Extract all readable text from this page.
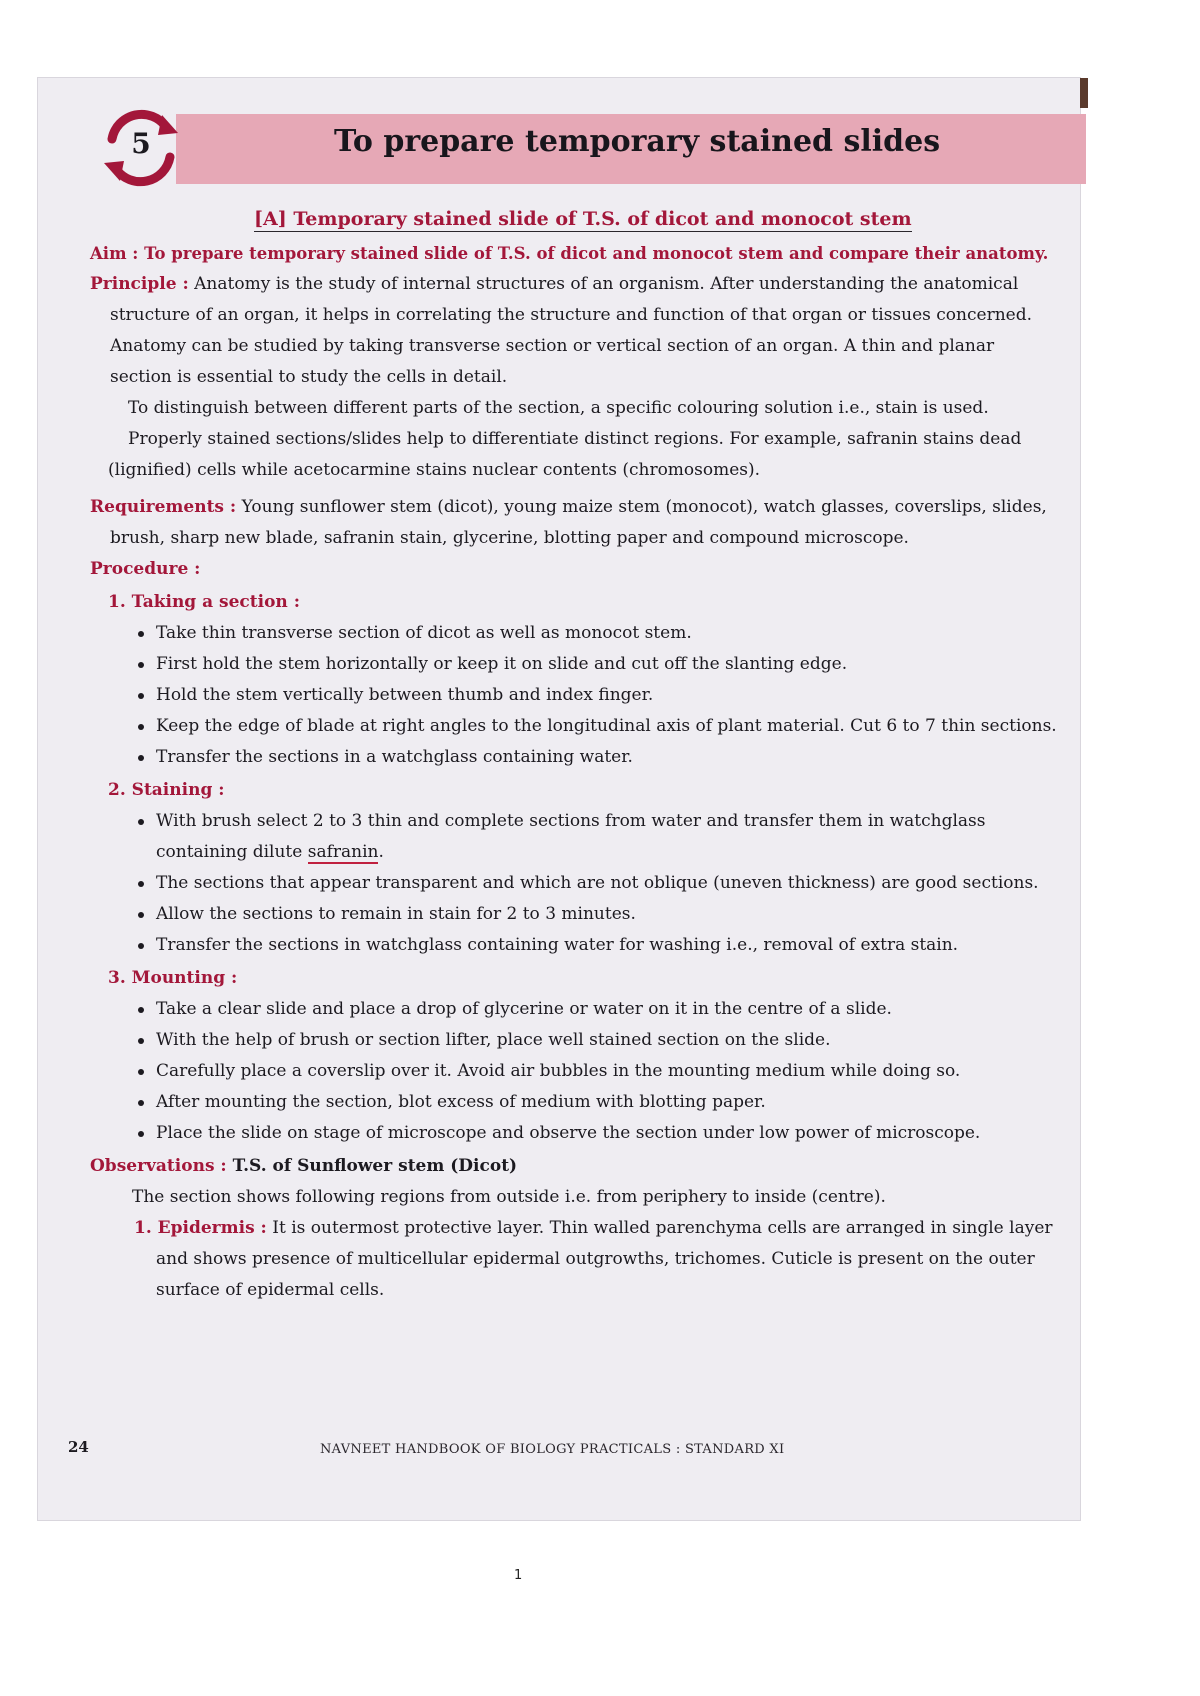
5	To prepare temporary stained slides
[A] Temporary stained slide of T.S. of dicot and monocot stem

Aim : To prepare temporary stained slide of T.S. of dicot and monocot stem and compare their anatomy.

Principle : Anatomy is the study of internal structures of an organism. After understanding the anatomical structure of an organ, it helps in correlating the structure and function of that organ or tissues concerned. Anatomy can be studied by taking transverse section or vertical section of an organ. A thin and planar section is essential to study the cells in detail.

To distinguish between different parts of the section, a specific colouring solution i.e., stain is used.

Properly stained sections/slides help to differentiate distinct regions. For example, safranin stains dead (lignified) cells while acetocarmine stains nuclear contents (chromosomes).

Requirements : Young sunflower stem (dicot), young maize stem (monocot), watch glasses, coverslips, slides, brush, sharp new blade, safranin stain, glycerine, blotting paper and compound microscope.

Procedure :

1. Taking a section :

Take thin transverse section of dicot as well as monocot stem.
First hold the stem horizontally or keep it on slide and cut off the slanting edge.
Hold the stem vertically between thumb and index finger.
Keep the edge of blade at right angles to the longitudinal axis of plant material. Cut 6 to 7 thin sections.
Transfer the sections in a watchglass containing water.

2. Staining :

With brush select 2 to 3 thin and complete sections from water and transfer them in watchglass containing dilute safranin.
The sections that appear transparent and which are not oblique (uneven thickness) are good sections.
Allow the sections to remain in stain for 2 to 3 minutes.
Transfer the sections in watchglass containing water for washing i.e., removal of extra stain.

3. Mounting :

Take a clear slide and place a drop of glycerine or water on it in the centre of a slide.
With the help of brush or section lifter, place well stained section on the slide.
Carefully place a coverslip over it. Avoid air bubbles in the mounting medium while doing so.
After mounting the section, blot excess of medium with blotting paper.
Place the slide on stage of microscope and observe the section under low power of microscope.

Observations : T.S. of Sunflower stem (Dicot)

The section shows following regions from outside i.e. from periphery to inside (centre).

1. Epidermis : It is outermost protective layer. Thin walled parenchyma cells are arranged in single layer and shows presence of multicellular epidermal outgrowths, trichomes. Cuticle is present on the outer surface of epidermal cells.

24	NAVNEET HANDBOOK OF BIOLOGY PRACTICALS : STANDARD XI
1
